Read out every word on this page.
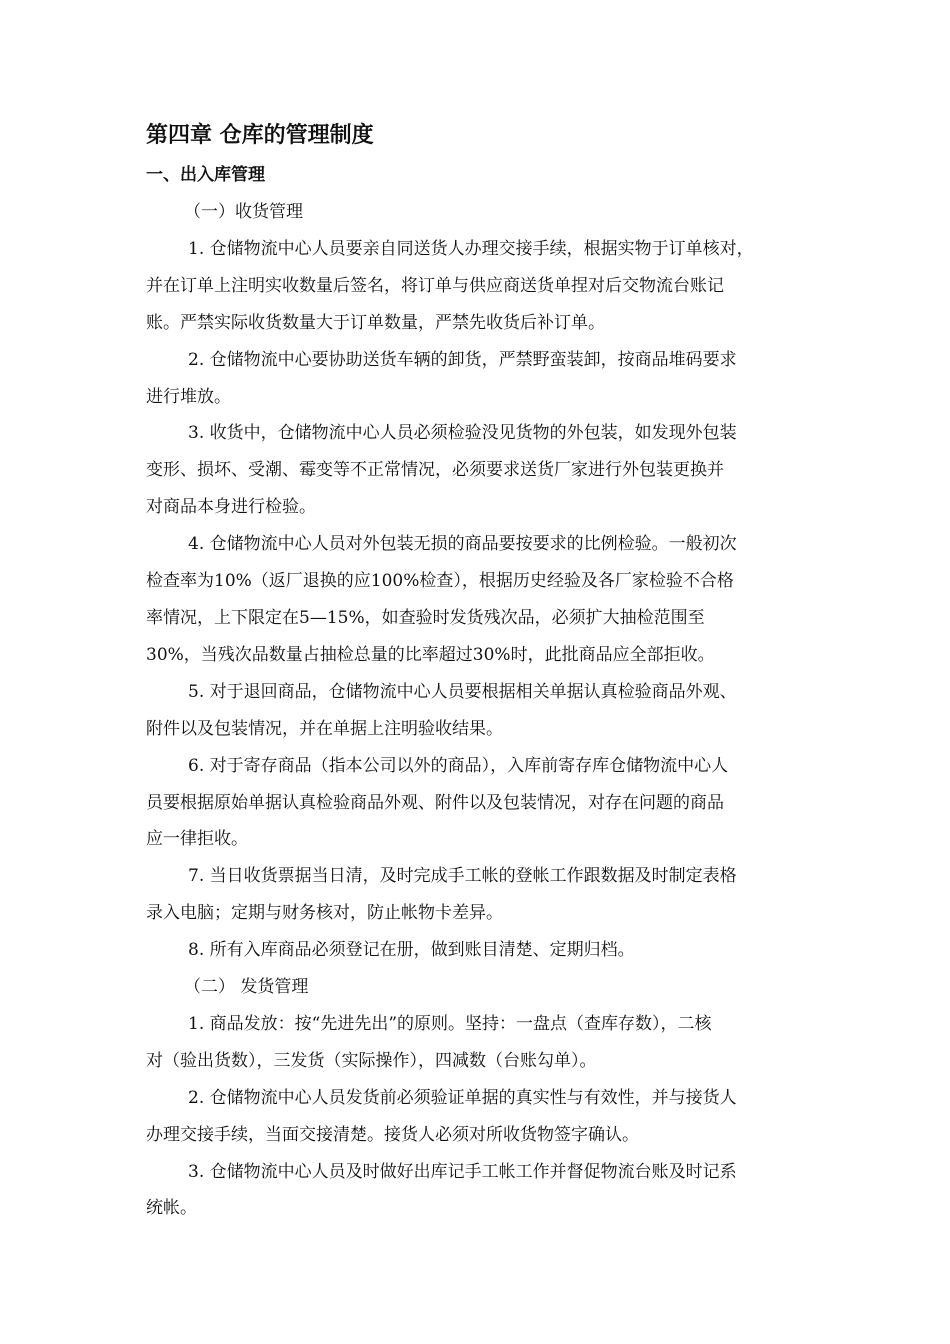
第四章 仓库的管理制度
一、出入库管理

（一）收货管理

1. 仓储物流中心人员要亲自同送货人办理交接手续，根据实物于订单核对，

并在订单上注明实收数量后签名，将订单与供应商送货单捏对后交物流台账记

账。严禁实际收货数量大于订单数量，严禁先收货后补订单。

2. 仓储物流中心要协助送货车辆的卸货，严禁野蛮装卸，按商品堆码要求

进行堆放。

3. 收货中，仓储物流中心人员必须检验没见货物的外包装，如发现外包装

变形、损坏、受潮、霉变等不正常情况，必须要求送货厂家进行外包装更换并

对商品本身进行检验。

4. 仓储物流中心人员对外包装无损的商品要按要求的比例检验。一般初次

检查率为10%（返厂退换的应100%检查），根据历史经验及各厂家检验不合格

率情况，上下限定在5—15%，如查验时发货残次品，必须扩大抽检范围至

30%，当残次品数量占抽检总量的比率超过30%时，此批商品应全部拒收。

5. 对于退回商品，仓储物流中心人员要根据相关单据认真检验商品外观、

附件以及包装情况，并在单据上注明验收结果。

6. 对于寄存商品（指本公司以外的商品），入库前寄存库仓储物流中心人

员要根据原始单据认真检验商品外观、附件以及包装情况，对存在问题的商品

应一律拒收。

7. 当日收货票据当日清，及时完成手工帐的登帐工作跟数据及时制定表格

录入电脑；定期与财务核对，防止帐物卡差异。

8. 所有入库商品必须登记在册，做到账目清楚、定期归档。

（二） 发货管理

1. 商品发放：按“先进先出”的原则。坚持：一盘点（查库存数），二核

对（验出货数），三发货（实际操作），四减数（台账勾单）。

2. 仓储物流中心人员发货前必须验证单据的真实性与有效性，并与接货人

办理交接手续，当面交接清楚。接货人必须对所收货物签字确认。

3. 仓储物流中心人员及时做好出库记手工帐工作并督促物流台账及时记系

统帐。
